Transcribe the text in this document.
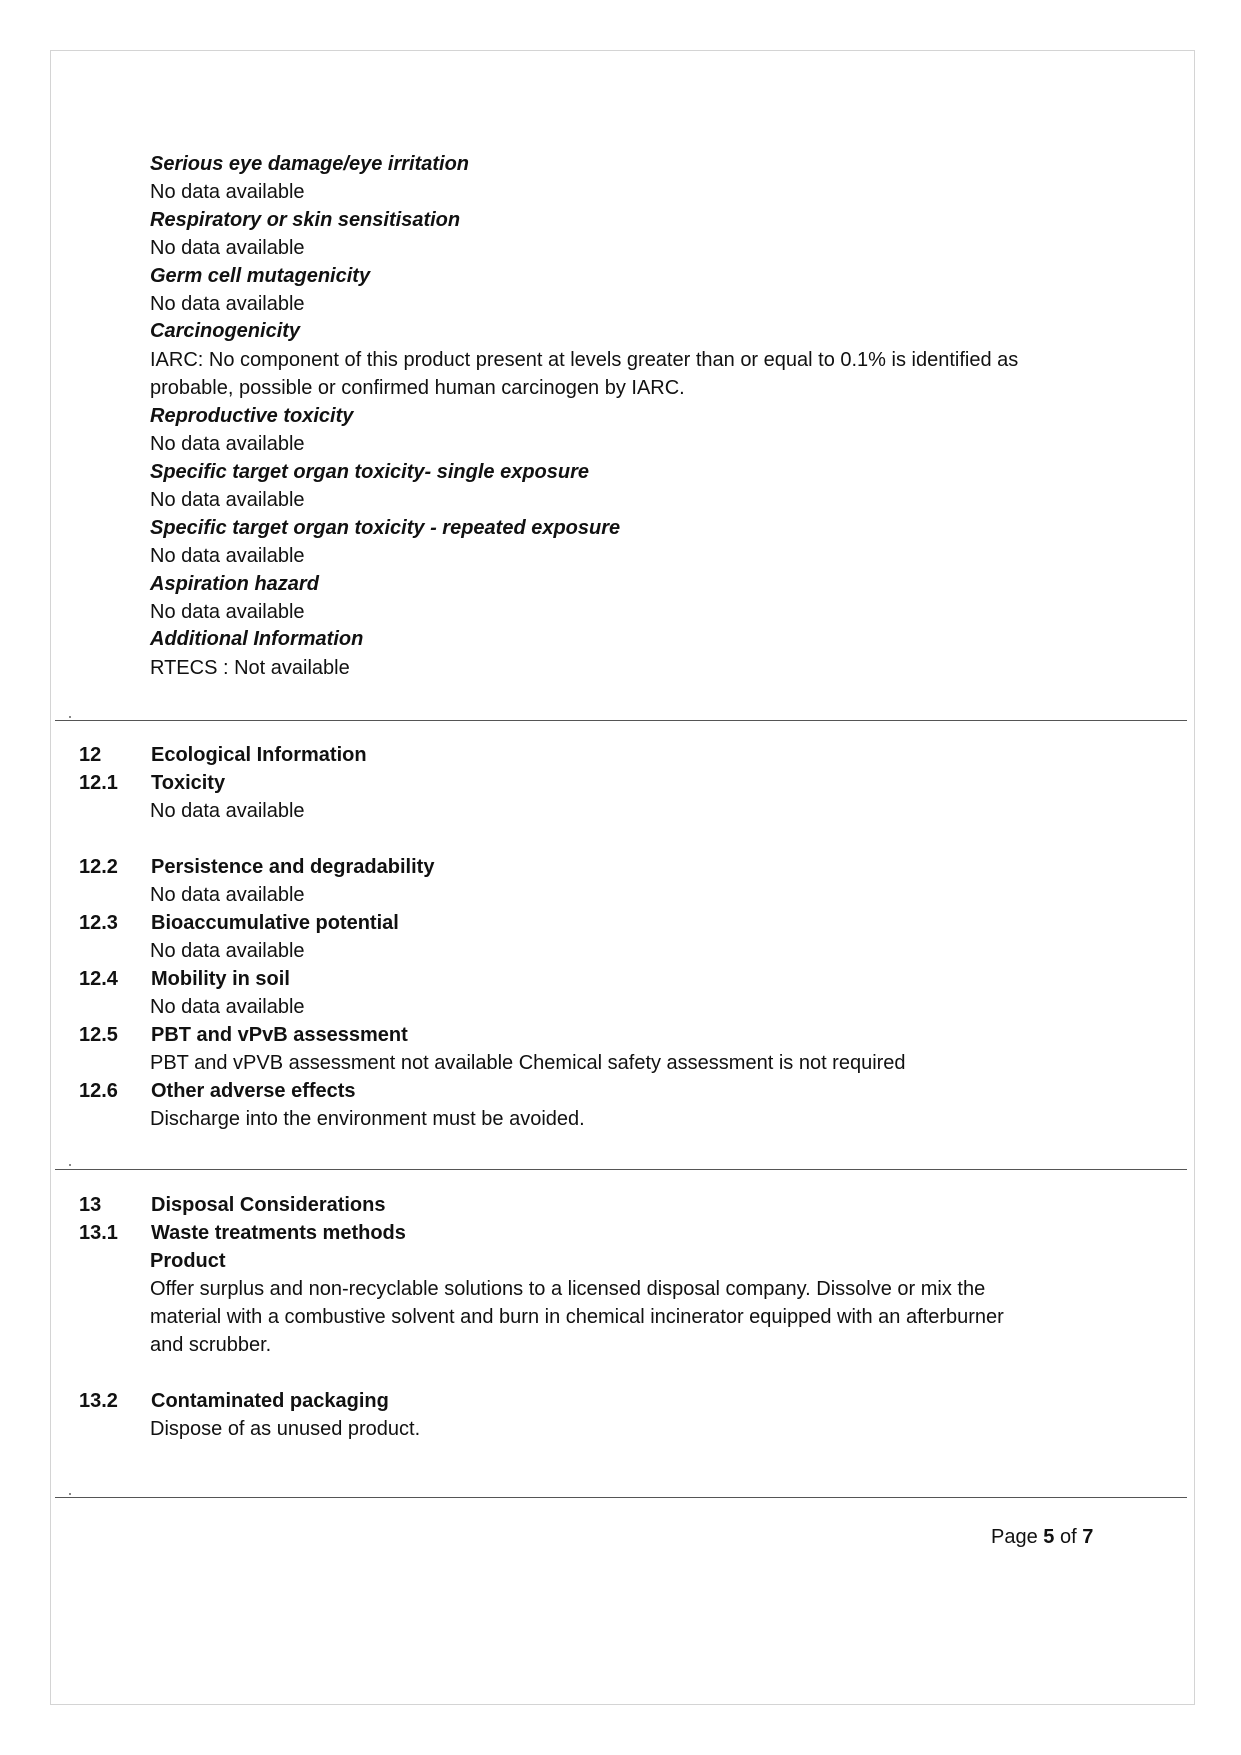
Serious eye damage/eye irritation
No data available
Respiratory or skin sensitisation
No data available
Germ cell mutagenicity
No data available
Carcinogenicity
IARC: No component of this product present at levels greater than or equal to 0.1% is identified as
probable, possible or confirmed human carcinogen by IARC.
Reproductive toxicity
No data available
Specific target organ toxicity- single exposure
No data available
Specific target organ toxicity - repeated exposure
No data available
Aspiration hazard
No data available
Additional Information
RTECS : Not available
12 Ecological Information
12.1 Toxicity
No data available
12.2 Persistence and degradability
No data available
12.3 Bioaccumulative potential
No data available
12.4 Mobility in soil
No data available
12.5 PBT and vPvB assessment
PBT and vPVB assessment not available Chemical safety assessment is not required
12.6 Other adverse effects
Discharge into the environment must be avoided.
13 Disposal Considerations
13.1 Waste treatments methods
Product
Offer surplus and non-recyclable solutions to a licensed disposal company. Dissolve or mix the
material with a combustive solvent and burn in chemical incinerator equipped with an afterburner
and scrubber.
13.2 Contaminated packaging
Dispose of as unused product.
Page 5 of 7
